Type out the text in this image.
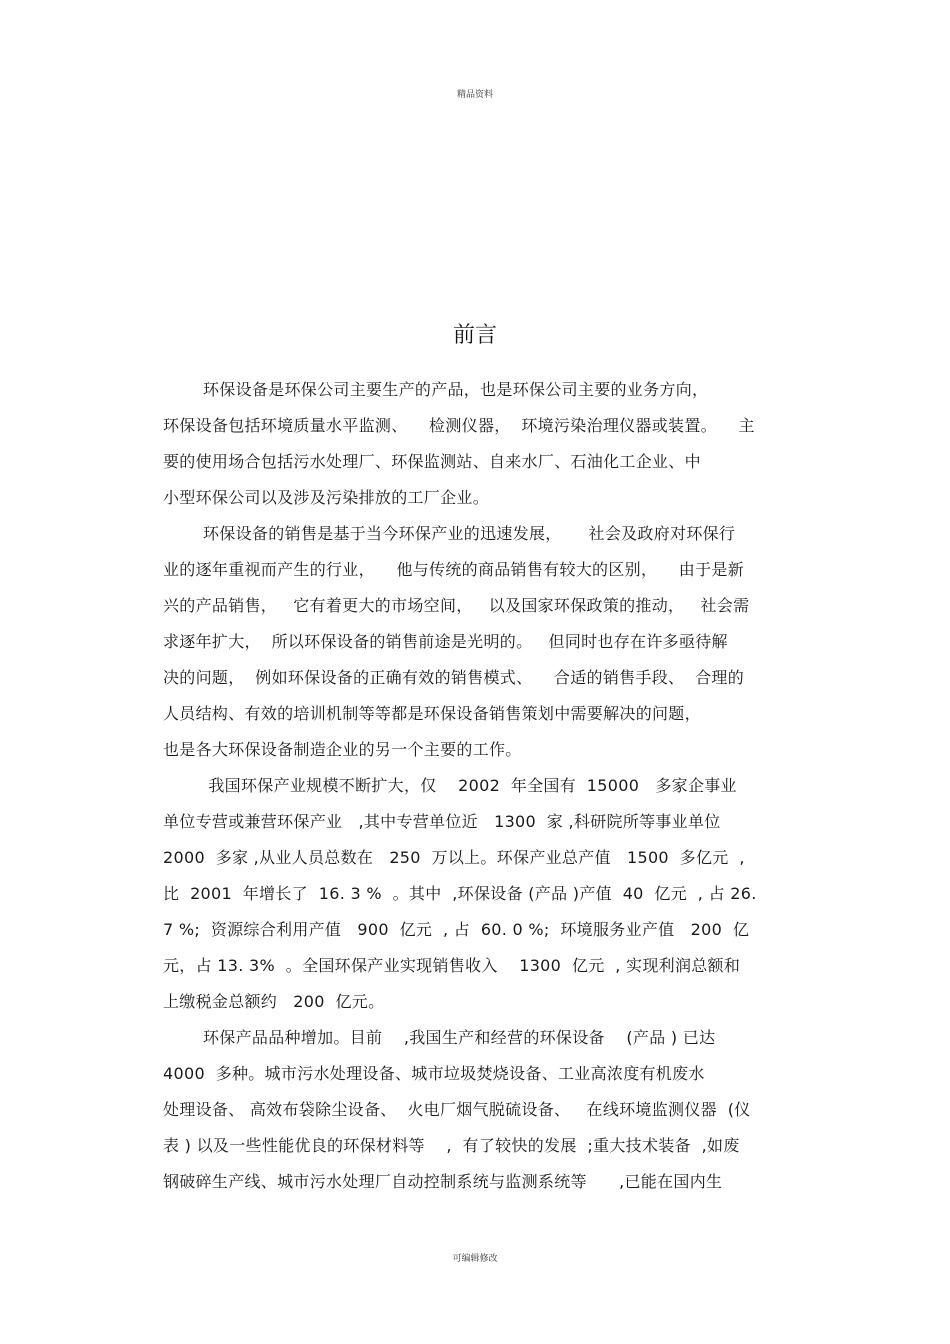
精品资料
前言
环保设备是环保公司主要生产的产品，也是环保公司主要的业务方向，
环保设备包括环境质量水平监测、    检测仪器，  环境污染治理仪器或装置。    主
要的使用场合包括污水处理厂、环保监测站、自来水厂、石油化工企业、中
小型环保公司以及涉及污染排放的工厂企业。
环保设备的销售是基于当今环保产业的迅速发展，     社会及政府对环保行
业的逐年重视而产生的行业，    他与传统的商品销售有较大的区别，    由于是新
兴的产品销售，   它有着更大的市场空间，   以及国家环保政策的推动，   社会需
求逐年扩大，  所以环保设备的销售前途是光明的。   但同时也存在许多亟待解
决的问题，  例如环保设备的正确有效的销售模式、    合适的销售手段、  合理的
人员结构、有效的培训机制等等都是环保设备销售策划中需要解决的问题，
也是各大环保设备制造企业的另一个主要的工作。
我国环保产业规模不断扩大，仅    2002  年全国有  15000   多家企事业
单位专营或兼营环保产业   ,其中专营单位近   1300  家 ,科研院所等事业单位
2000  多家 ,从业人员总数在   250  万以上。环保产业总产值   1500  多亿元  ,
比  2001  年增长了  16. 3 %  。其中  ,环保设备 (产品 )产值  40  亿元  , 占 26.
7 %;  资源综合利用产值   900  亿元  , 占  60. 0 %;  环境服务业产值   200  亿
元，占 13. 3%  。全国环保产业实现销售收入    1300  亿元  , 实现利润总额和
上缴税金总额约   200  亿元。
环保产品品种增加。目前    ,我国生产和经营的环保设备    (产品 ) 已达
4000  多种。城市污水处理设备、城市垃圾焚烧设备、工业高浓度有机废水
处理设备、 高效布袋除尘设备、  火电厂烟气脱硫设备、   在线环境监测仪器  (仪
表 ) 以及一些性能优良的环保材料等    ,  有了较快的发展  ;重大技术装备  ,如废
钢破碎生产线、城市污水处理厂自动控制系统与监测系统等      ,已能在国内生
可编辑修改
